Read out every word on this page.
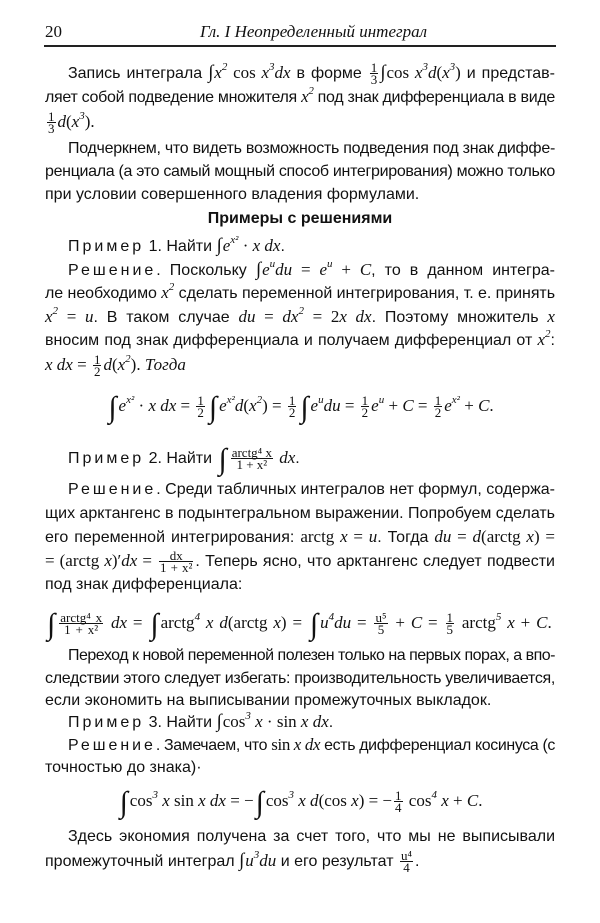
20	Гл. I Неопределенный интеграл
Запись интеграла $\int x^2$ $\cos x^3dx$ в форме $\frac{1}{3} \int\cos$ $x^3d(x^3)$ и представ-
ляет собой подведение множителя $x^2$ под знак дифференциала в виде
$\frac{1}{3} d(x^3)$.
Подчеркнем, что видеть возможность подведения под знак диффе-
ренциала (а это самый мощный способ интегрирования) можно только
при условии совершенного владения формулами.
Примеры с решениями
Пример 1. Найти $\int e^{x^2} \cdot x$ dx.
Решение. Поскольку $\int e^udu = e^u + C$, то в данном интегра-
ле необходимо $x^2$ сделать переменной интегрирования, т. е. принять
$x^2 = u$. В таком случае du = $dx^2 = 2x$ dx. Поэтому множитель x
вносим под знак дифференциала и получаем дифференциал от $x^2$:
x dx = $\frac{1}{2} d(x^2)$. Тогда
∫ $e^{x^2} \cdot x$ dx = $\frac{1}{2}$ ∫ $e^{x^2}d(x^2) = \frac{1}{2}$ ∫ $e^udu = \frac{1}{2} e^u + C = \frac{1}{2} e^{x^2} + C$.
Пример 2. Найти ∫ $\frac{\text{arctg⁴ x}}{\text{1 + x²}}$ dx.
Решение. Среди табличных интегралов нет формул, содержа-
щих арктангенс в подынтегральном выражении. Попробуем сделать
его переменной интегрирования: arctg x = u. Тогда du = d(arctg x) =
= (arctg $x)'dx = \frac{dx}{\text{1 + x²}}$ . Теперь ясно, что арктангенс следует подвести
под знак дифференциала:
∫ $\frac{\text{arctg⁴ x}}{\text{1 + x²}}$ dx = ∫ arctg$^4$ x d(arctg x) = ∫ $u^4du = \frac{\text{u⁵}}{5} + C = \frac{1}{5}$ arctg$^5$ x + C.
Переход к новой переменной полезен только на первых порах, а впо-
следствии этого следует избегать: производительность увеличивается,
если экономить на выписывании промежуточных выкладок.
Пример 3. Найти $\int\cos^3$ x · sin x dx.
Решение. Замечаем, что sin x dx есть дифференциал косинуса (с
точностью до знака)·
∫ $\cos^3 x$ sin x dx = −∫ $\cos^3 x$ d(cos x) = − $\frac{1}{4} \cos^4 x + C$.
Здесь экономия получена за счет того, что мы не выписывали
промежуточный интеграл $\int u^3du$ и его результат $\frac{\text{u⁴}}{4}$ .
